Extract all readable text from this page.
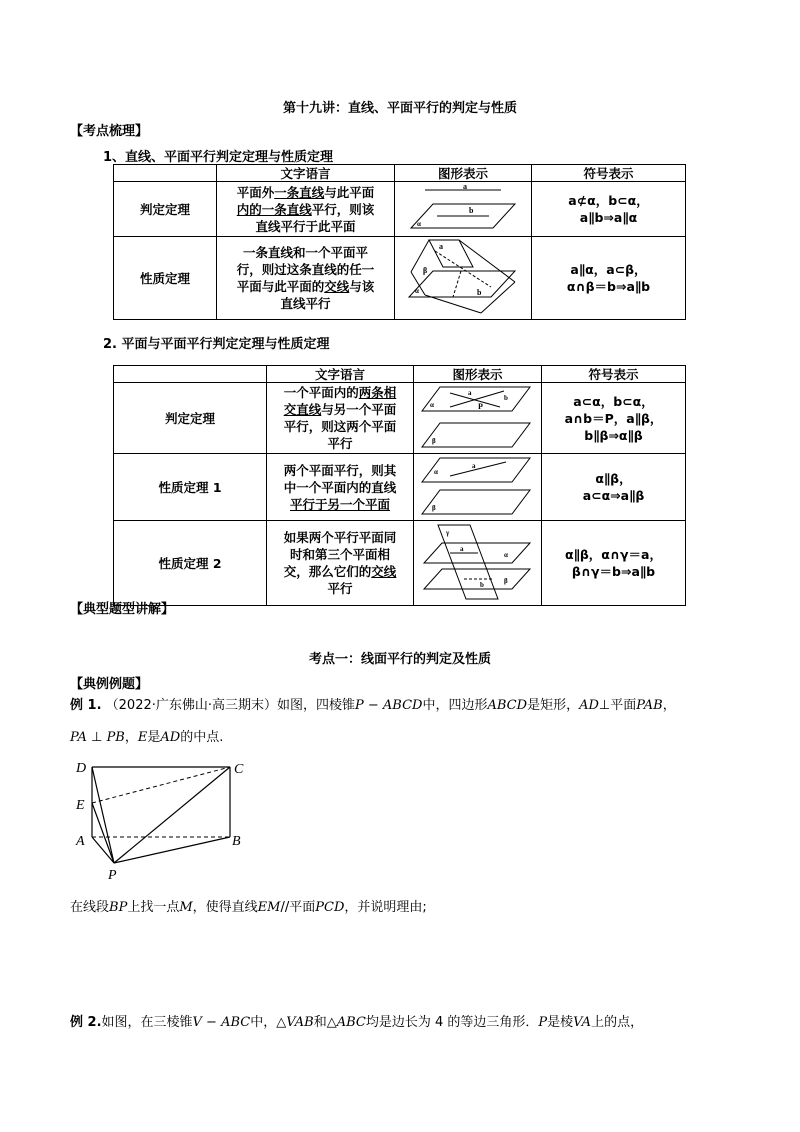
第十九讲：直线、平面平行的判定与性质
【考点梳理】
1、直线、平面平行判定定理与性质定理
	文字语言	图形表示	符号表示
判定定理	平面外一条直线与此平面
内的一条直线平行，则该
直线平行于此平面	a
b
α	a⊄α，b⊂α，
a∥b⇒a∥α
性质定理	一条直线和一个平面平
行，则过这条直线的任一
平面与此平面的交线与该
直线平行	a
b
α
β	a∥α，a⊂β，
α∩β＝b⇒a∥b
2. 平面与平面平行判定定理与性质定理
	文字语言	图形表示	符号表示
判定定理	一个平面内的两条相
交直线与另一个平面
平行，则这两个平面
平行	a
b
P
α
β	a⊂α，b⊂α，
a∩b＝P，a∥β，
b∥β⇒α∥β
性质定理 1	两个平面平行，则其
中一个平面内的直线
平行于另一个平面	a
α
β	α∥β，
a⊂α⇒a∥β
性质定理 2	如果两个平行平面同
时和第三个平面相
交，那么它们的交线
平行	γ
a
α
b β	α∥β，α∩γ＝a，
β∩γ＝b⇒a∥b
【典型题型讲解】
考点一：线面平行的判定及性质
【典例例题】
例 1. （2022·广东佛山·高三期末）如图，四棱锥P − ABCD中，四边形ABCD是矩形，AD⊥平面PAB，
PA ⊥ PB，E是AD的中点.
D	C
E
A	B
P
在线段BP上找一点M，使得直线EM//平面PCD，并说明理由;
例 2.如图，在三棱锥V − ABC中，△VAB和△ABC均是边长为 4 的等边三角形．P是棱VA上的点，
